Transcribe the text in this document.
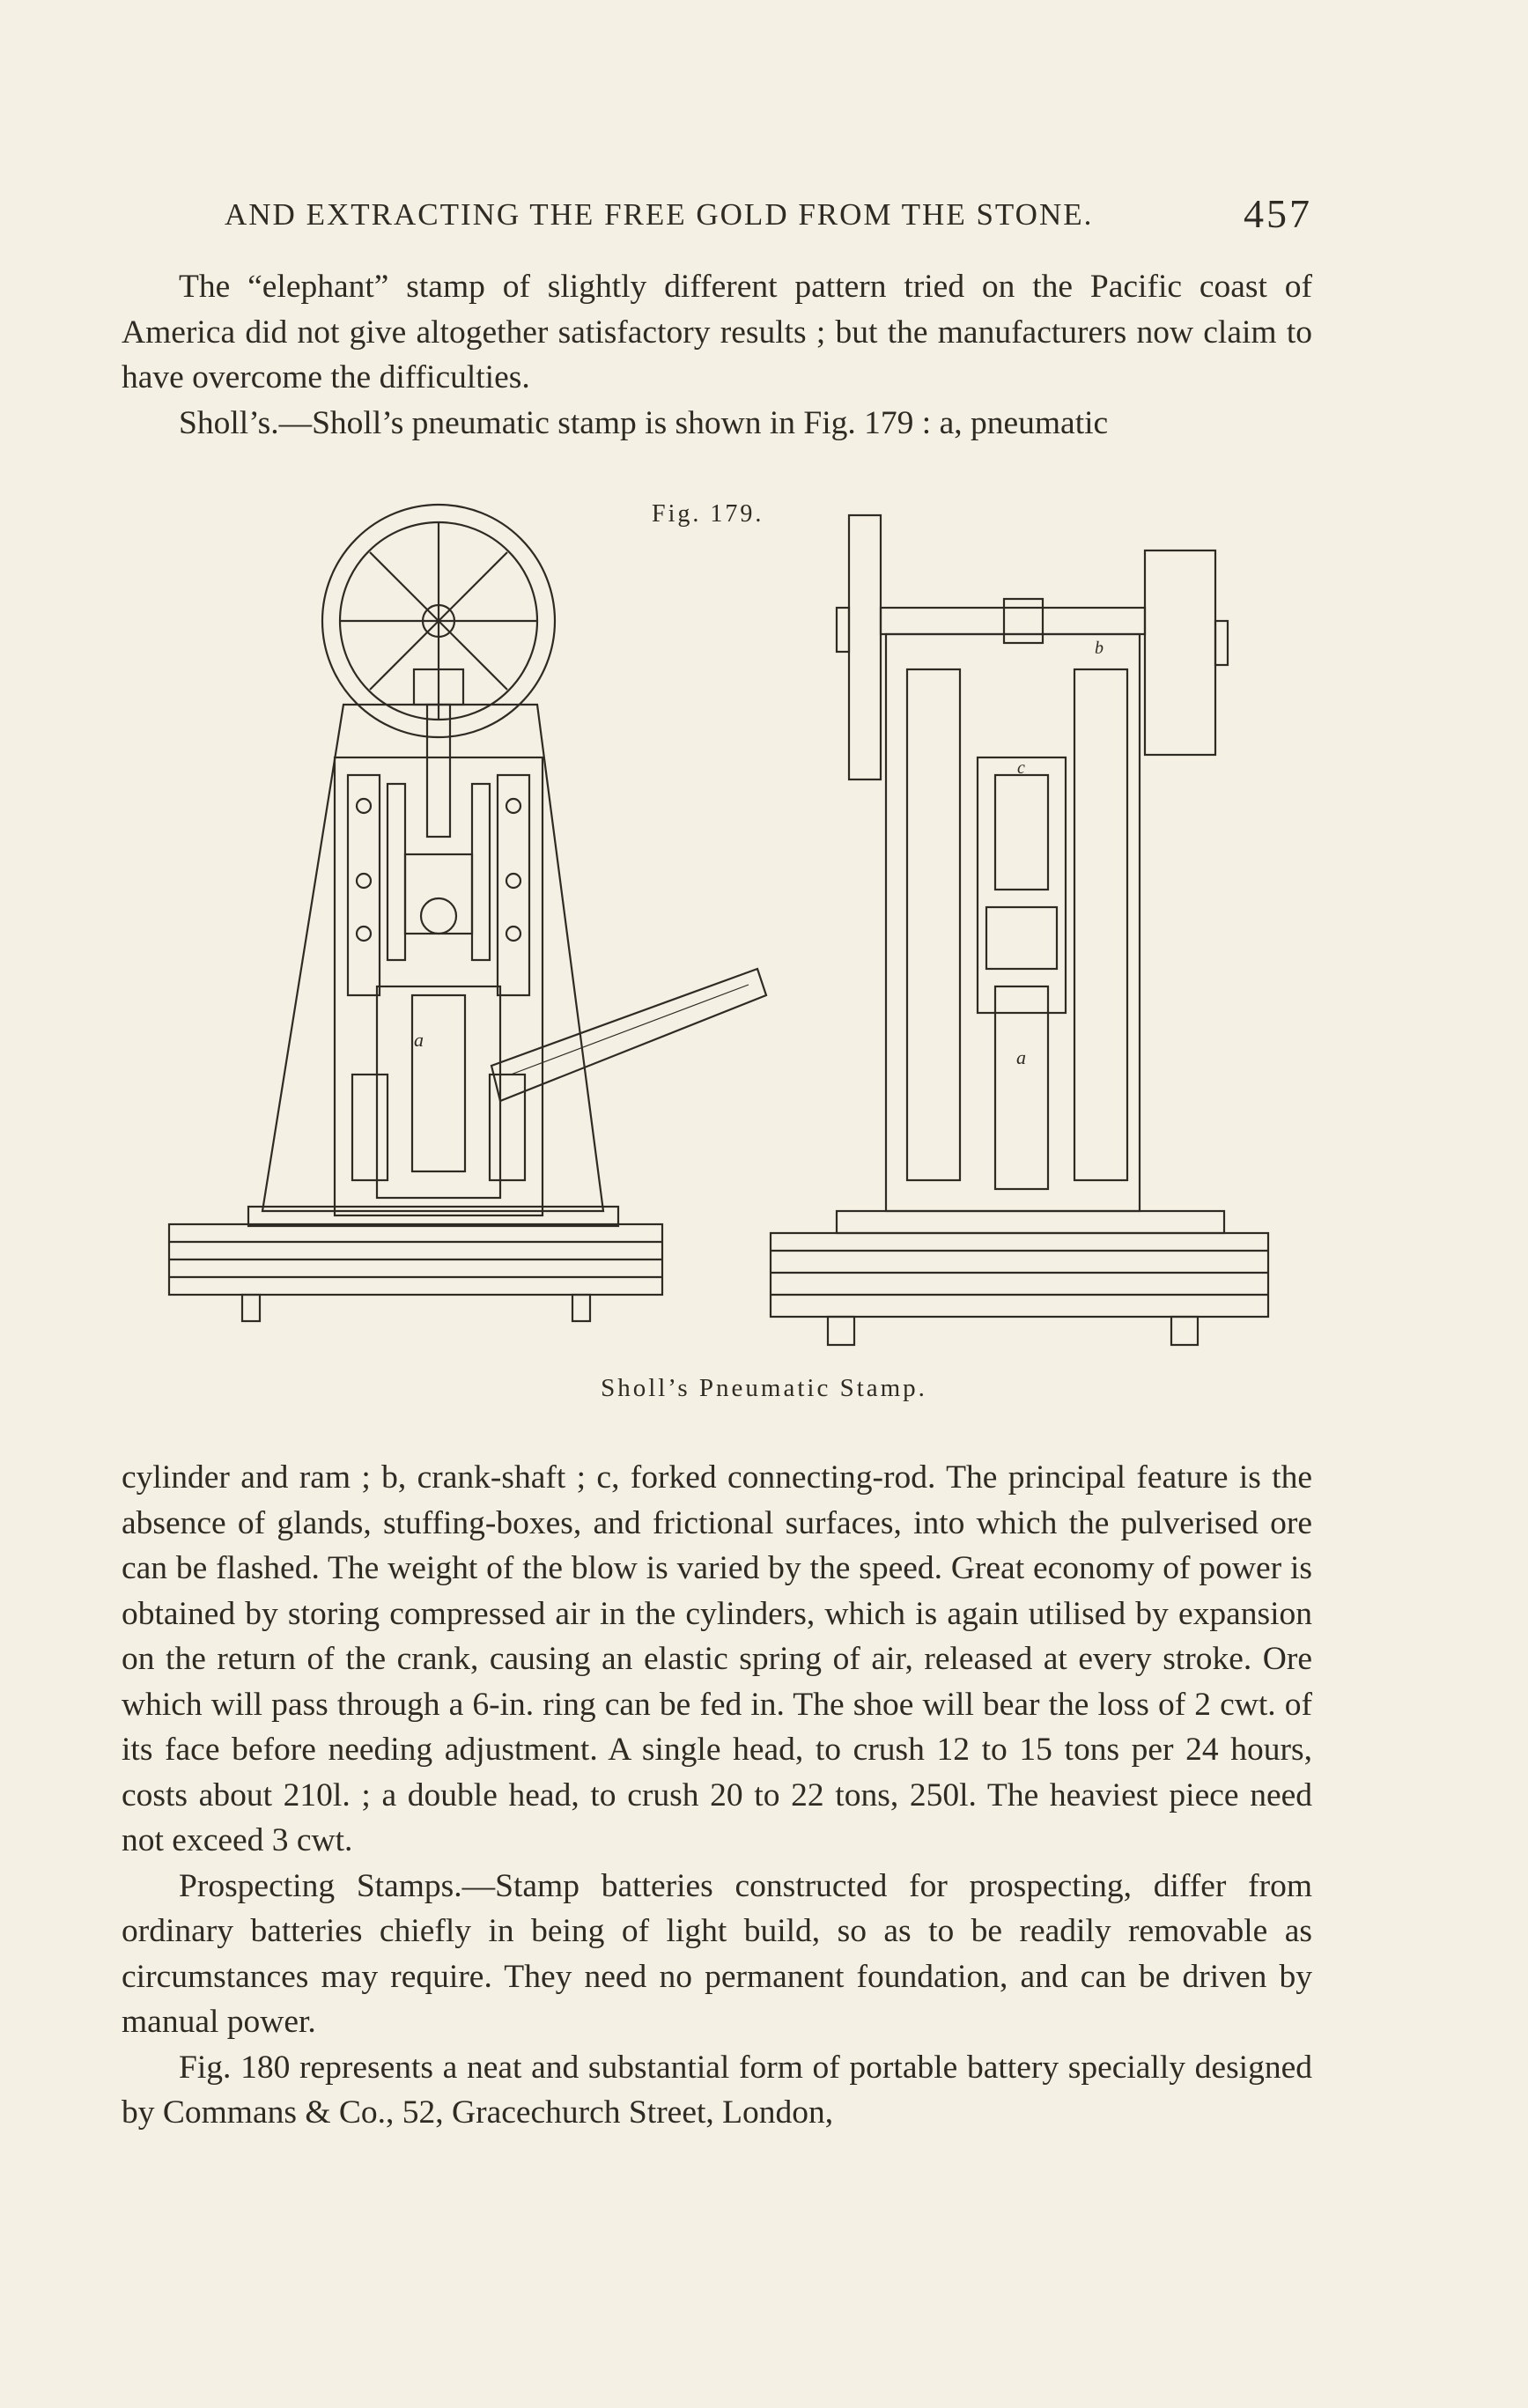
AND EXTRACTING THE FREE GOLD FROM THE STONE.	457

The “elephant” stamp of slightly different pattern tried on the Pacific coast of America did not give altogether satisfactory results ; but the manufacturers now claim to have overcome the difficulties.

Sholl’s.—Sholl’s pneumatic stamp is shown in Fig. 179 : a, pneumatic

Fig. 179.
a
a
b
c
Sholl’s Pneumatic Stamp.

cylinder and ram ; b, crank-shaft ; c, forked connecting-rod. The principal feature is the absence of glands, stuffing-boxes, and frictional surfaces, into which the pulverised ore can be flashed. The weight of the blow is varied by the speed. Great economy of power is obtained by storing compressed air in the cylinders, which is again utilised by expansion on the return of the crank, causing an elastic spring of air, released at every stroke. Ore which will pass through a 6-in. ring can be fed in. The shoe will bear the loss of 2 cwt. of its face before needing adjustment. A single head, to crush 12 to 15 tons per 24 hours, costs about 210l. ; a double head, to crush 20 to 22 tons, 250l. The heaviest piece need not exceed 3 cwt.

Prospecting Stamps.—Stamp batteries constructed for prospecting, differ from ordinary batteries chiefly in being of light build, so as to be readily removable as circumstances may require. They need no permanent foundation, and can be driven by manual power.

Fig. 180 represents a neat and substantial form of portable battery specially designed by Commans & Co., 52, Gracechurch Street, London,
